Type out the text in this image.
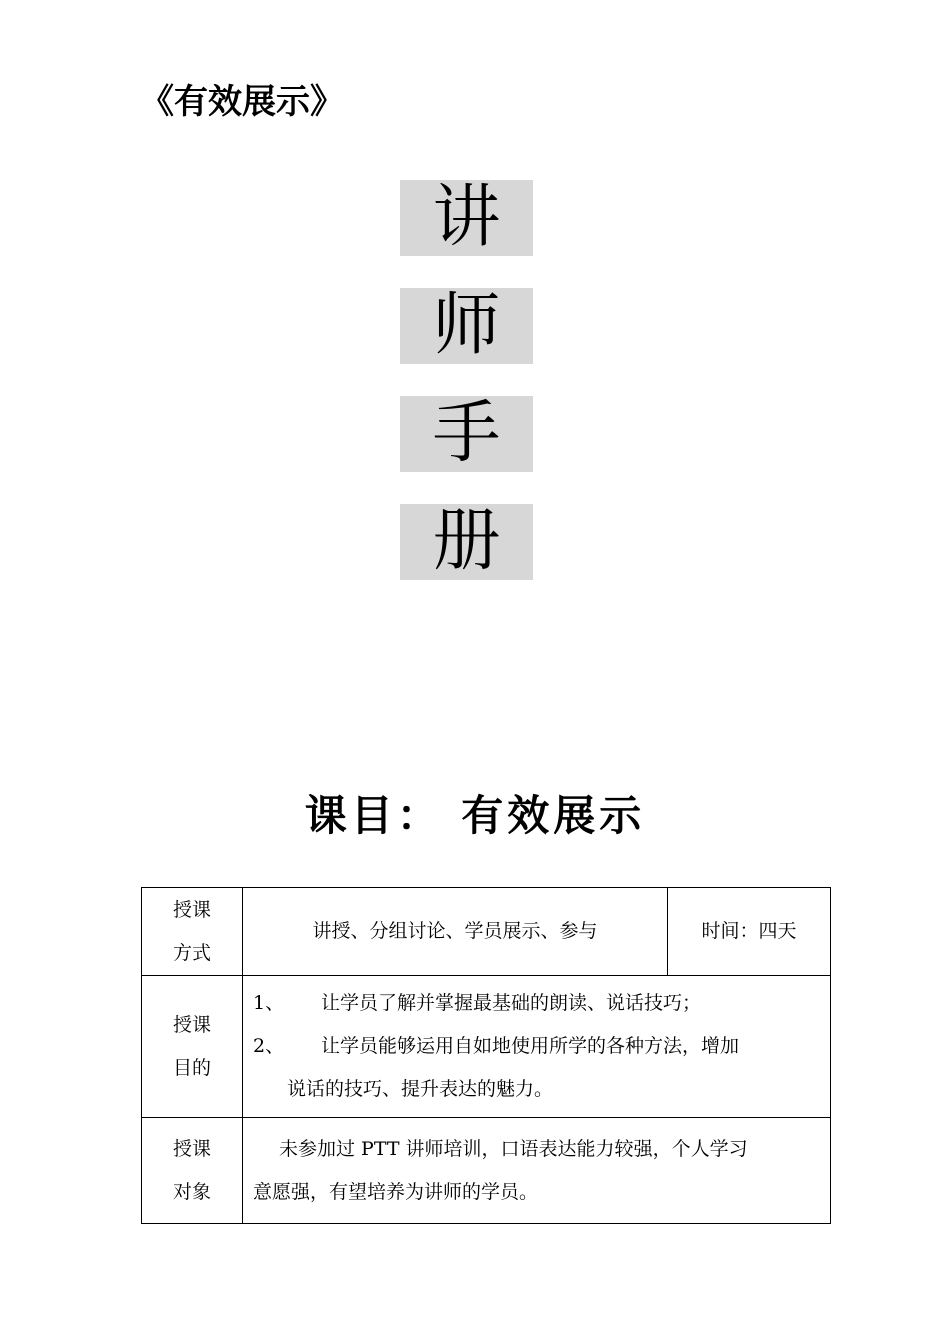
《有效展示》
讲
师
手
册
课目： 有效展示
授课
方式	讲授、分组讨论、学员展示、参与	时间：四天

授课
目的	1、 让学员了解并掌握最基础的朗读、说话技巧；
2、 让学员能够运用自如地使用所学的各种方法，增加
说话的技巧、提升表达的魅力。	

授课
对象	未参加过 PTT 讲师培训，口语表达能力较强，个人学习
意愿强，有望培养为讲师的学员。	
